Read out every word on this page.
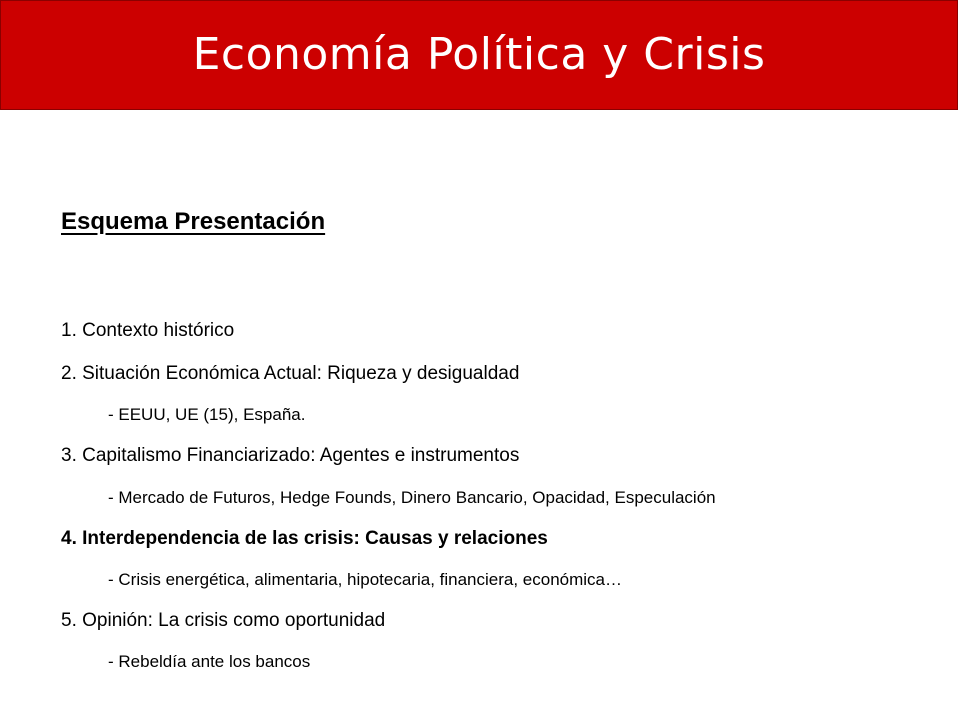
Economía Política y Crisis
Esquema Presentación
1. Contexto histórico
2. Situación Económica Actual: Riqueza y desigualdad
- EEUU, UE (15), España.
3. Capitalismo Financiarizado: Agentes e instrumentos
- Mercado de Futuros, Hedge Founds, Dinero Bancario, Opacidad, Especulación
4. Interdependencia de las crisis: Causas y relaciones
- Crisis energética, alimentaria, hipotecaria, financiera, económica…
5. Opinión: La crisis como oportunidad
- Rebeldía ante los bancos
